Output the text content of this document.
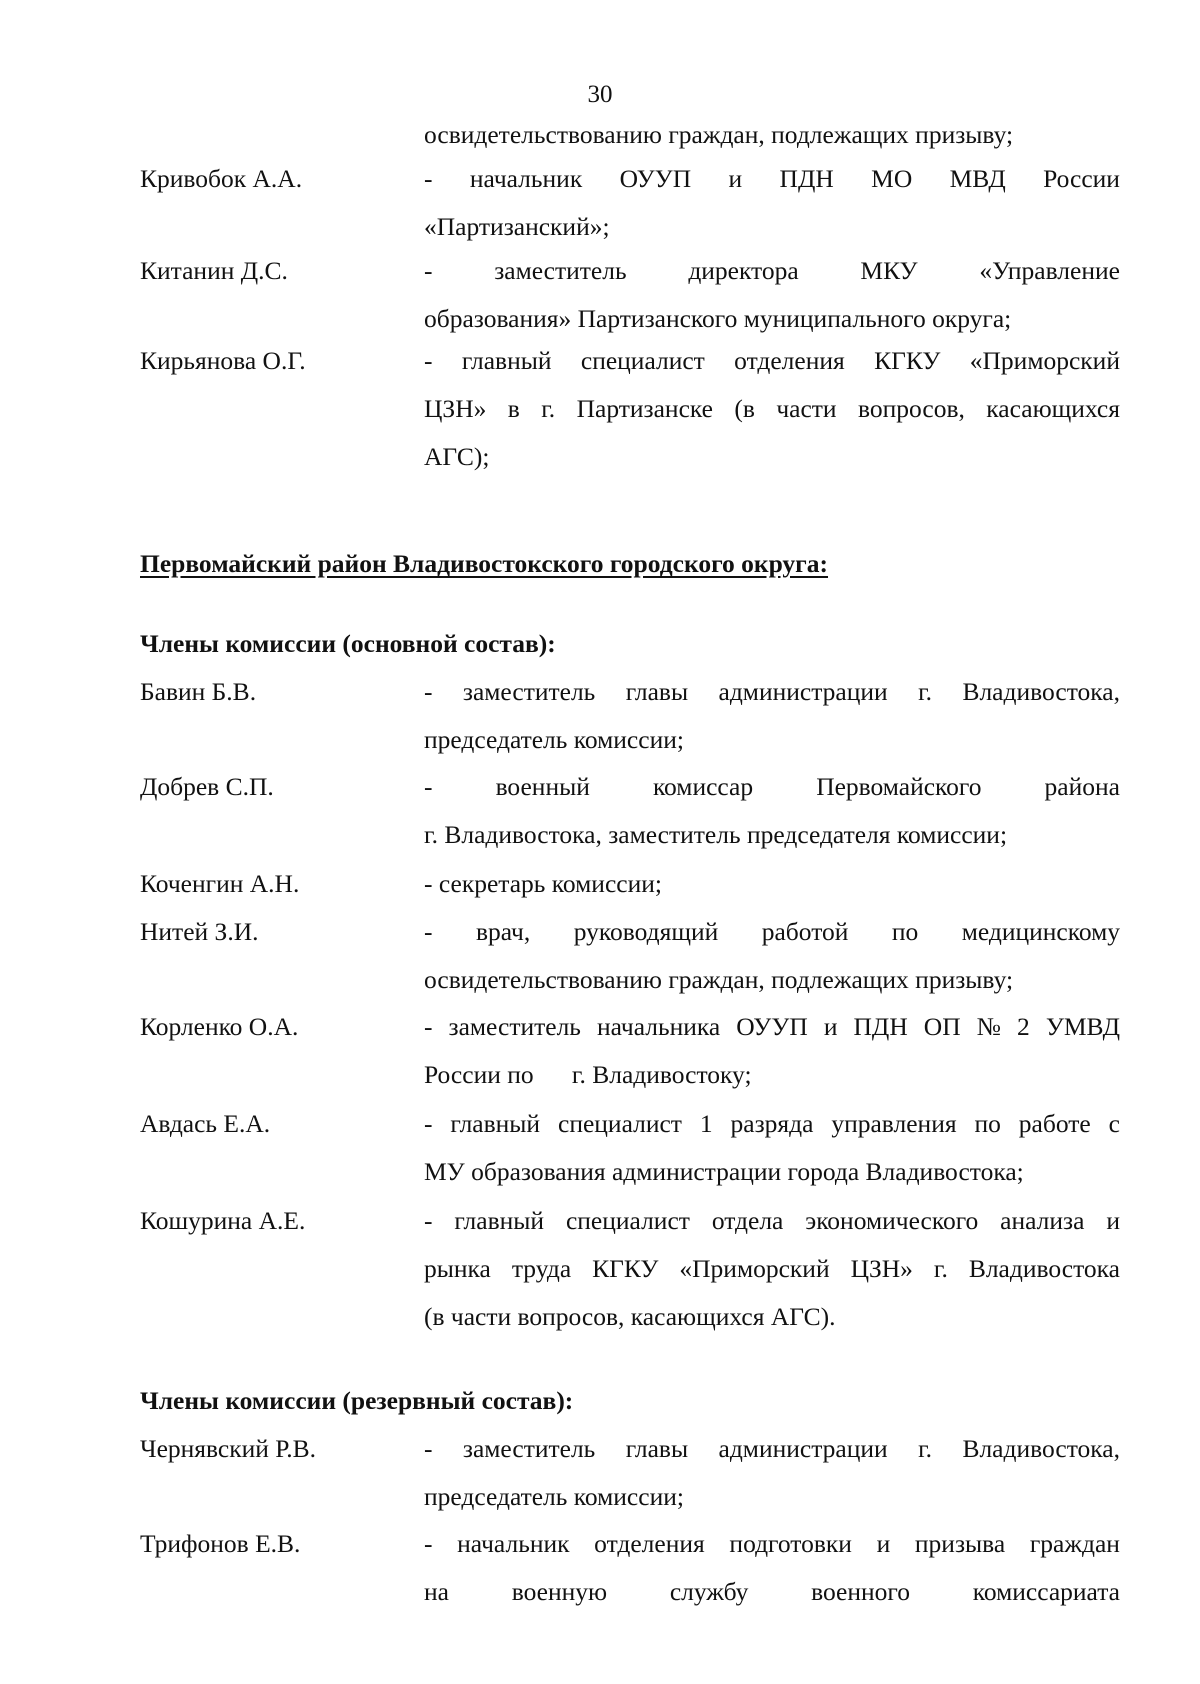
30
освидетельствованию граждан, подлежащих призыву;
Кривобок А.А.	- начальник ОУУП и ПДН МО МВД России
«Партизанский»;
Китанин Д.С.	- заместитель директора МКУ «Управление
образования» Партизанского муниципального округа;
Кирьянова О.Г.	- главный специалист отделения КГКУ «Приморский
ЦЗН» в г. Партизанске (в части вопросов, касающихся
АГС);
Первомайский район Владивостокского городского округа:
Члены комиссии (основной состав):
Бавин Б.В.	- заместитель главы администрации г. Владивостока,
председатель комиссии;
Добрев С.П.	- военный комиссар Первомайского района
г. Владивостока, заместитель председателя комиссии;
Коченгин А.Н.	- секретарь комиссии;
Нитей З.И.	- врач, руководящий работой по медицинскому
освидетельствованию граждан, подлежащих призыву;
Корленко О.А.	- заместитель начальника ОУУП и ПДН ОП № 2 УМВД
России по      г. Владивостоку;
Авдась Е.А.	- главный специалист 1 разряда управления по работе с
МУ образования администрации города Владивостока;
Кошурина А.Е.	- главный специалист отдела экономического анализа и
рынка труда КГКУ «Приморский ЦЗН» г. Владивостока
(в части вопросов, касающихся АГС).
Члены комиссии (резервный состав):
Чернявский Р.В.	- заместитель главы администрации г. Владивостока,
председатель комиссии;
Трифонов Е.В.	- начальник отделения подготовки и призыва граждан
на военную службу военного комиссариата
